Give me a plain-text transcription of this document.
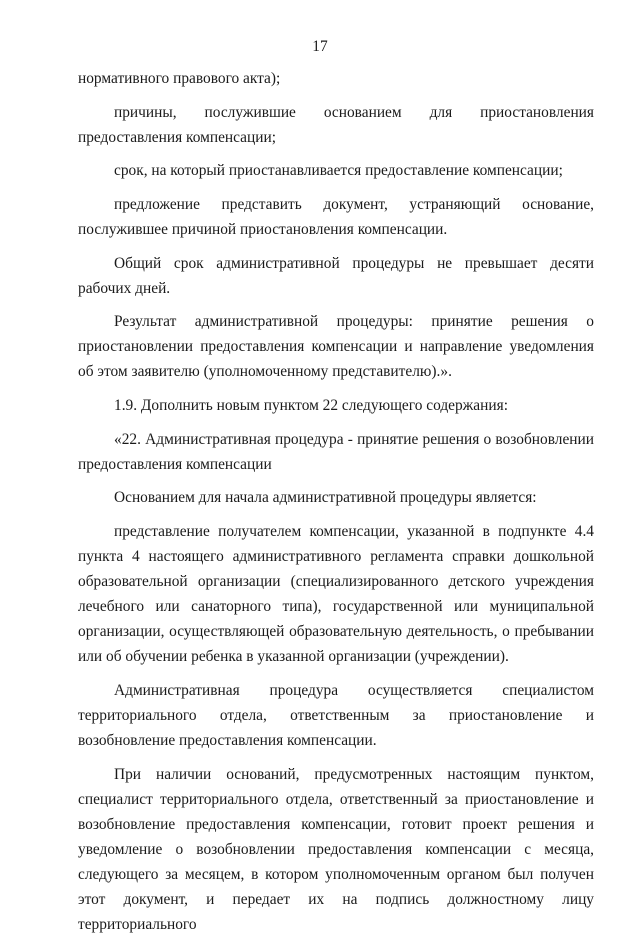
17

нормативного правового акта);

причины, послужившие основанием для приостановления предоставления компенсации;

срок, на который приостанавливается предоставление компенсации;

предложение представить документ, устраняющий основание, послужившее причиной приостановления компенсации.

Общий срок административной процедуры не превышает десяти рабочих дней.

Результат административной процедуры: принятие решения о приостановлении предоставления компенсации и направление уведомления об этом заявителю (уполномоченному представителю).».

1.9. Дополнить новым пунктом 22 следующего содержания:

«22. Административная процедура - принятие решения о возобновлении предоставления компенсации

Основанием для начала административной процедуры является:

представление получателем компенсации, указанной в подпункте 4.4 пункта 4 настоящего административного регламента справки дошкольной образовательной организации (специализированного детского учреждения лечебного или санаторного типа), государственной или муниципальной организации, осуществляющей образовательную деятельность, о пребывании или об обучении ребенка в указанной организации (учреждении).

Административная процедура осуществляется специалистом территориального отдела, ответственным за приостановление и возобновление предоставления компенсации.

При наличии оснований, предусмотренных настоящим пунктом, специалист территориального отдела, ответственный за приостановление и возобновление предоставления компенсации, готовит проект решения и уведомление о возобновлении предоставления компенсации с месяца, следующего за месяцем, в котором уполномоченным органом был получен этот документ, и передает их на подпись должностному лицу территориального
